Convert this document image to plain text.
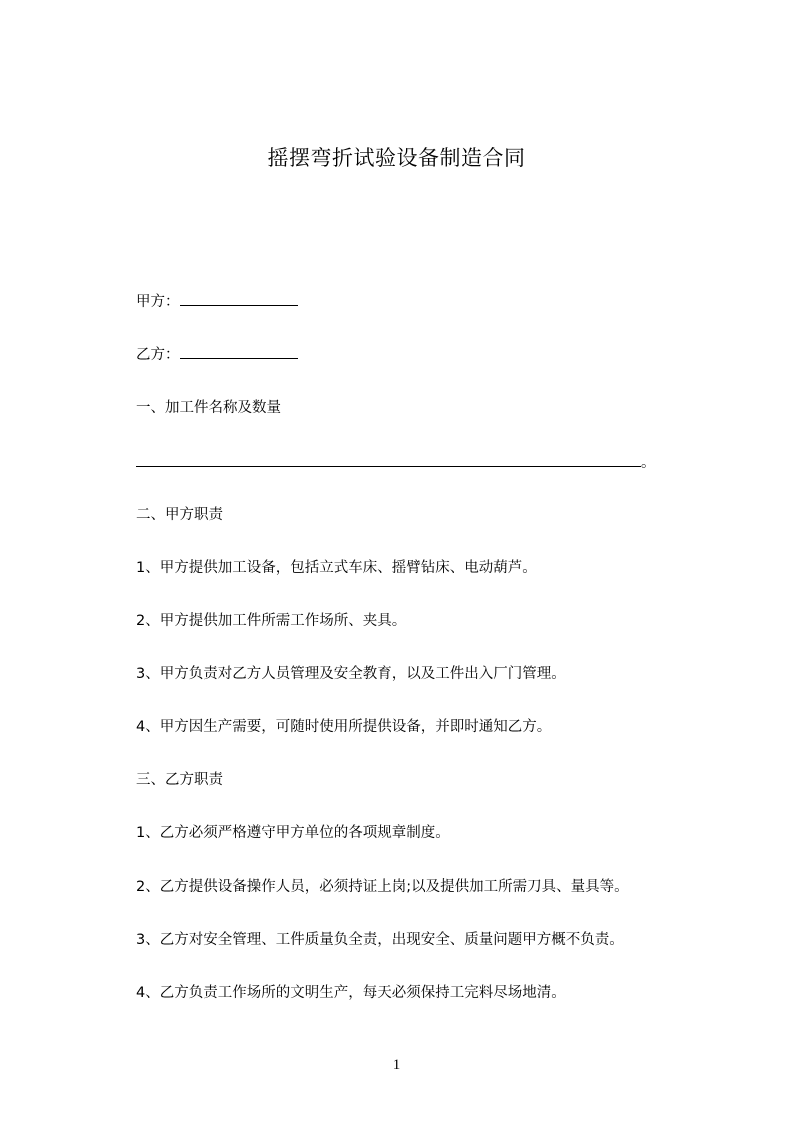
摇摆弯折试验设备制造合同
甲方：
乙方：
一、加工件名称及数量
。
二、甲方职责
1、甲方提供加工设备，包括立式车床、摇臂钻床、电动葫芦。
2、甲方提供加工件所需工作场所、夹具。
3、甲方负责对乙方人员管理及安全教育，以及工件出入厂门管理。
4、甲方因生产需要，可随时使用所提供设备，并即时通知乙方。
三、乙方职责
1、乙方必须严格遵守甲方单位的各项规章制度。
2、乙方提供设备操作人员，必须持证上岗;以及提供加工所需刀具、量具等。
3、乙方对安全管理、工件质量负全责，出现安全、质量问题甲方概不负责。
4、乙方负责工作场所的文明生产，每天必须保持工完料尽场地清。
1
